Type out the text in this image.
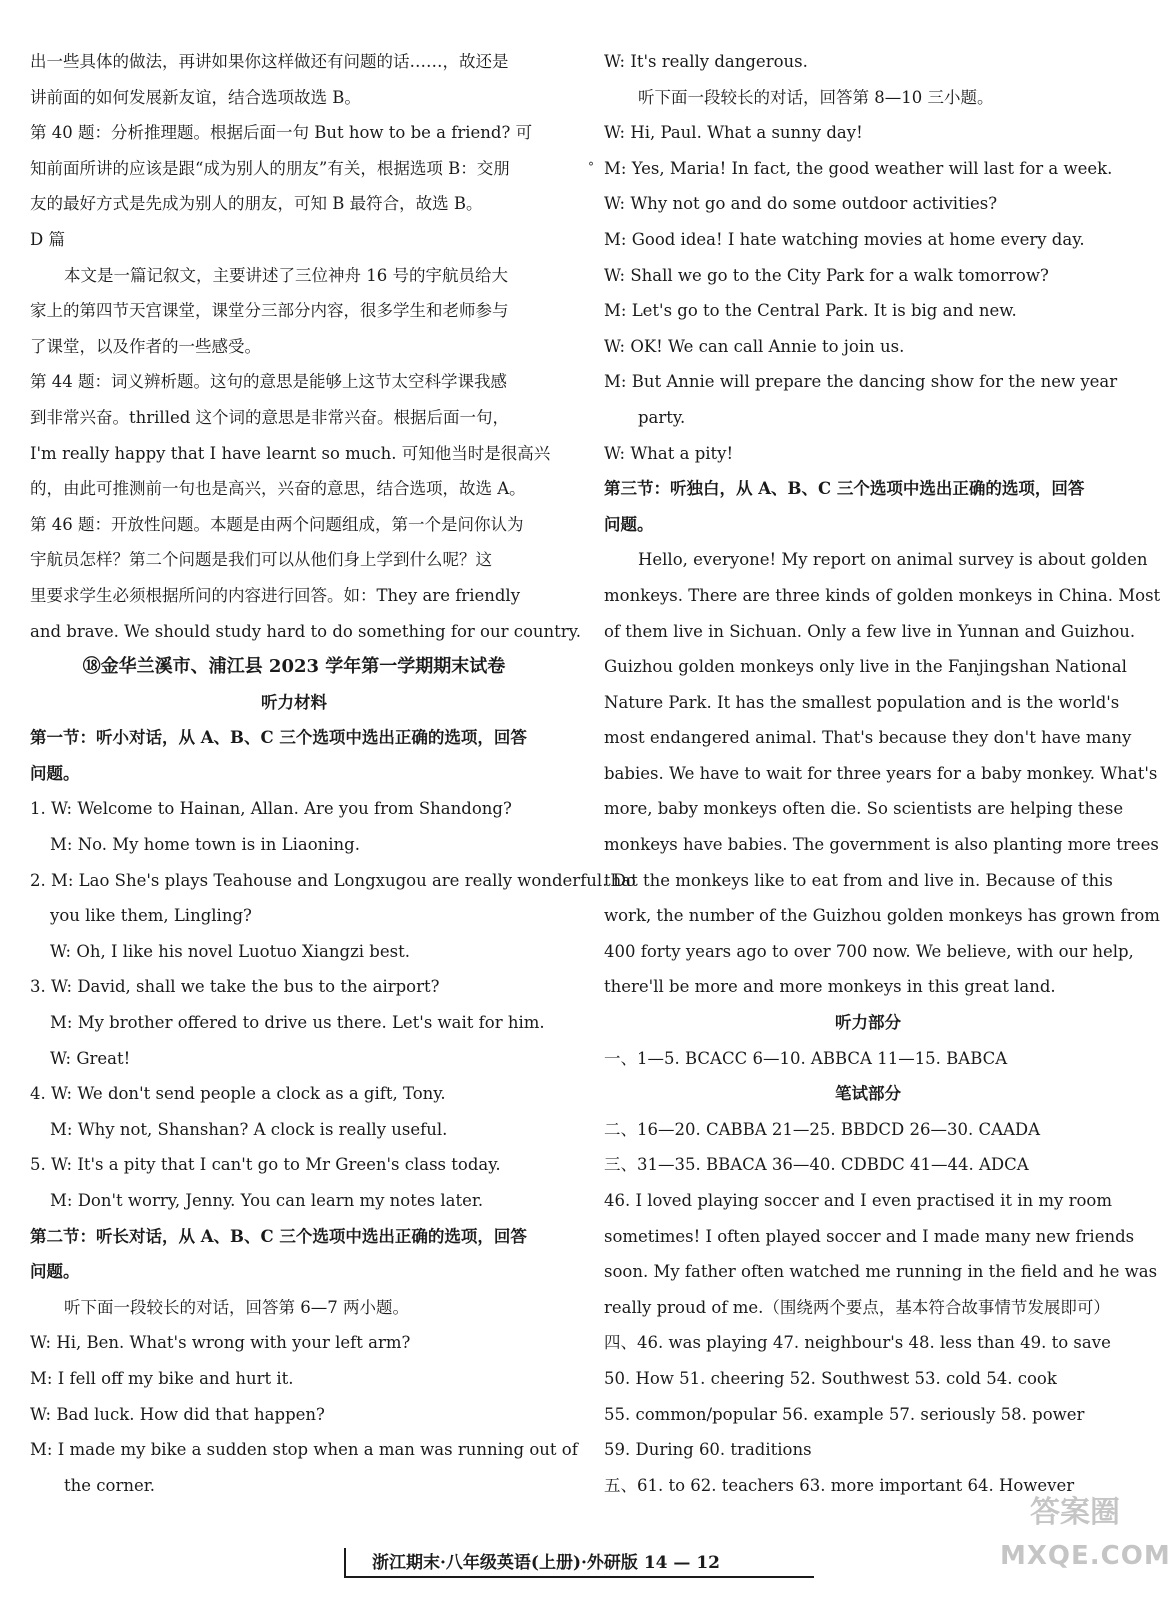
出一些具体的做法，再讲如果你这样做还有问题的话……，故还是
讲前面的如何发展新友谊，结合选项故选 B。
第 40 题：分析推理题。根据后面一句 But how to be a friend? 可
知前面所讲的应该是跟“成为别人的朋友”有关，根据选项 B：交朋
友的最好方式是先成为别人的朋友，可知 B 最符合，故选 B。
D 篇
本文是一篇记叙文，主要讲述了三位神舟 16 号的宇航员给大
家上的第四节天宫课堂，课堂分三部分内容，很多学生和老师参与
了课堂，以及作者的一些感受。
第 44 题：词义辨析题。这句的意思是能够上这节太空科学课我感
到非常兴奋。thrilled 这个词的意思是非常兴奋。根据后面一句，
I'm really happy that I have learnt so much. 可知他当时是很高兴
的，由此可推测前一句也是高兴，兴奋的意思，结合选项，故选 A。
第 46 题：开放性问题。本题是由两个问题组成，第一个是问你认为
宇航员怎样？第二个问题是我们可以从他们身上学到什么呢？这
里要求学生必须根据所问的内容进行回答。如：They are friendly
and brave. We should study hard to do something for our country.
⑱金华兰溪市、浦江县 2023 学年第一学期期末试卷
听力材料
第一节：听小对话，从 A、B、C 三个选项中选出正确的选项，回答
问题。
1. W: Welcome to Hainan, Allan. Are you from Shandong?
M: No. My home town is in Liaoning.
2. M: Lao She's plays Teahouse and Longxugou are really wonderful. Do
you like them, Lingling?
W: Oh, I like his novel Luotuo Xiangzi best.
3. W: David, shall we take the bus to the airport?
M: My brother offered to drive us there. Let's wait for him.
W: Great!
4. W: We don't send people a clock as a gift, Tony.
M: Why not, Shanshan? A clock is really useful.
5. W: It's a pity that I can't go to Mr Green's class today.
M: Don't worry, Jenny. You can learn my notes later.
第二节：听长对话，从 A、B、C 三个选项中选出正确的选项，回答
问题。
听下面一段较长的对话，回答第 6—7 两小题。
W: Hi, Ben. What's wrong with your left arm?
M: I fell off my bike and hurt it.
W: Bad luck. How did that happen?
M: I made my bike a sudden stop when a man was running out of
the corner.
W: It's really dangerous.
听下面一段较长的对话，回答第 8—10 三小题。
W: Hi, Paul. What a sunny day!
M: Yes, Maria! In fact, the good weather will last for a week.
W: Why not go and do some outdoor activities?
M: Good idea! I hate watching movies at home every day.
W: Shall we go to the City Park for a walk tomorrow?
M: Let's go to the Central Park. It is big and new.
W: OK! We can call Annie to join us.
M: But Annie will prepare the dancing show for the new year
party.
W: What a pity!
第三节：听独白，从 A、B、C 三个选项中选出正确的选项，回答
问题。
Hello, everyone! My report on animal survey is about golden
monkeys. There are three kinds of golden monkeys in China. Most
of them live in Sichuan. Only a few live in Yunnan and Guizhou.
Guizhou golden monkeys only live in the Fanjingshan National
Nature Park. It has the smallest population and is the world's
most endangered animal. That's because they don't have many
babies. We have to wait for three years for a baby monkey. What's
more, baby monkeys often die. So scientists are helping these
monkeys have babies. The government is also planting more trees
that the monkeys like to eat from and live in. Because of this
work, the number of the Guizhou golden monkeys has grown from
400 forty years ago to over 700 now. We believe, with our help,
there'll be more and more monkeys in this great land.
听力部分
一、1—5. BCACC 6—10. ABBCA 11—15. BABCA
笔试部分
二、16—20. CABBA 21—25. BBDCD 26—30. CAADA
三、31—35. BBACA 36—40. CDBDC 41—44. ADCA
46. I loved playing soccer and I even practised it in my room
sometimes! I often played soccer and I made many new friends
soon. My father often watched me running in the field and he was
really proud of me.（围绕两个要点，基本符合故事情节发展即可）
四、46. was playing 47. neighbour's 48. less than 49. to save
50. How 51. cheering 52. Southwest 53. cold 54. cook
55. common/popular 56. example 57. seriously 58. power
59. During 60. traditions
五、61. to 62. teachers 63. more important 64. However
°
浙江期末·八年级英语(上册)·外研版 14 — 12
答案圈
MXQE.COM
